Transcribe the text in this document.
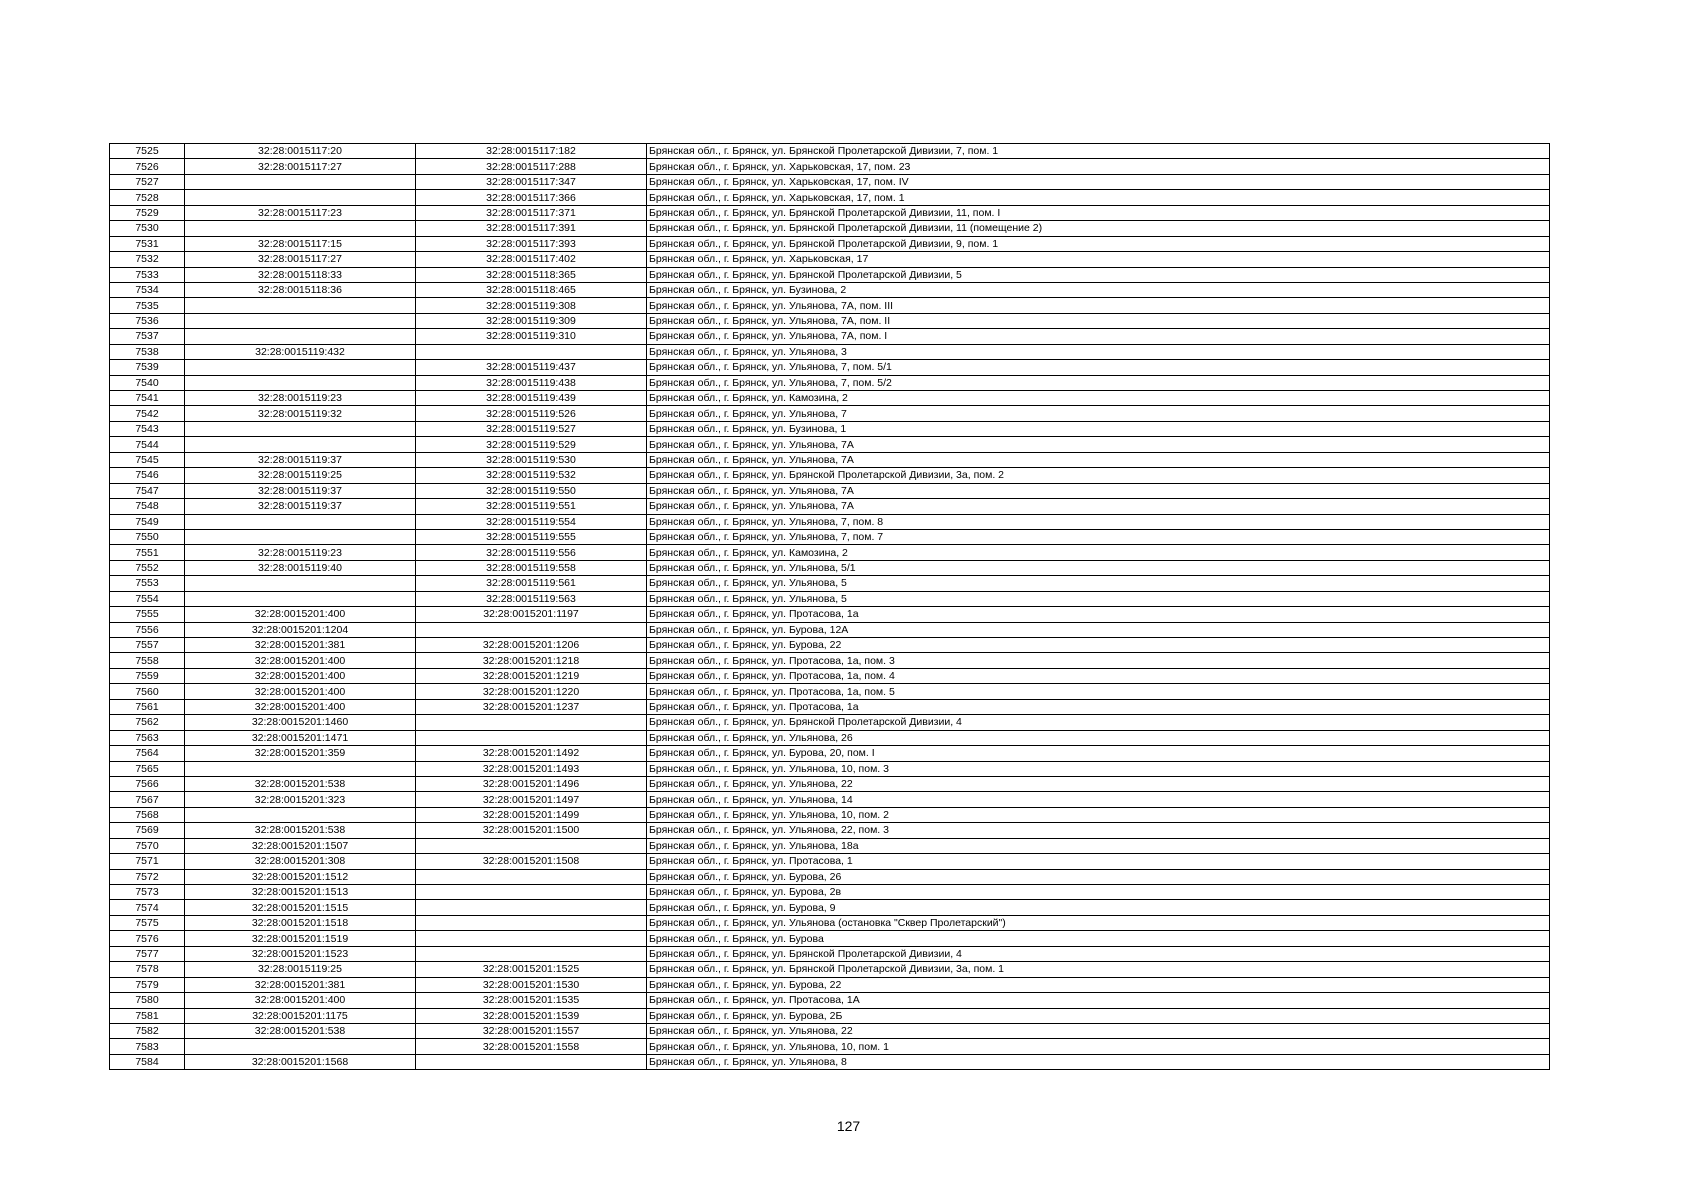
7525	32:28:0015117:20	32:28:0015117:182	Брянская обл., г. Брянск, ул. Брянской Пролетарской Дивизии, 7, пом. 1
7526	32:28:0015117:27	32:28:0015117:288	Брянская обл., г. Брянск, ул. Харьковская, 17, пом. 23
7527		32:28:0015117:347	Брянская обл., г. Брянск, ул. Харьковская, 17, пом. IV
7528		32:28:0015117:366	Брянская обл., г. Брянск, ул. Харьковская, 17, пом. 1
7529	32:28:0015117:23	32:28:0015117:371	Брянская обл., г. Брянск, ул. Брянской Пролетарской Дивизии, 11, пом. I
7530		32:28:0015117:391	Брянская обл., г. Брянск, ул. Брянской Пролетарской Дивизии, 11 (помещение 2)
7531	32:28:0015117:15	32:28:0015117:393	Брянская обл., г. Брянск, ул. Брянской Пролетарской Дивизии, 9, пом. 1
7532	32:28:0015117:27	32:28:0015117:402	Брянская обл., г. Брянск, ул. Харьковская, 17
7533	32:28:0015118:33	32:28:0015118:365	Брянская обл., г. Брянск, ул. Брянской Пролетарской Дивизии, 5
7534	32:28:0015118:36	32:28:0015118:465	Брянская обл., г. Брянск, ул. Бузинова, 2
7535		32:28:0015119:308	Брянская обл., г. Брянск, ул. Ульянова, 7А, пом. III
7536		32:28:0015119:309	Брянская обл., г. Брянск, ул. Ульянова, 7А, пом. II
7537		32:28:0015119:310	Брянская обл., г. Брянск, ул. Ульянова, 7А, пом. I
7538	32:28:0015119:432		Брянская обл., г. Брянск, ул. Ульянова, 3
7539		32:28:0015119:437	Брянская обл., г. Брянск, ул. Ульянова, 7, пом. 5/1
7540		32:28:0015119:438	Брянская обл., г. Брянск, ул. Ульянова, 7, пом. 5/2
7541	32:28:0015119:23	32:28:0015119:439	Брянская обл., г. Брянск, ул. Камозина, 2
7542	32:28:0015119:32	32:28:0015119:526	Брянская обл., г. Брянск, ул. Ульянова, 7
7543		32:28:0015119:527	Брянская обл., г. Брянск, ул. Бузинова, 1
7544		32:28:0015119:529	Брянская обл., г. Брянск, ул. Ульянова, 7А
7545	32:28:0015119:37	32:28:0015119:530	Брянская обл., г. Брянск, ул. Ульянова, 7А
7546	32:28:0015119:25	32:28:0015119:532	Брянская обл., г. Брянск, ул. Брянской Пролетарской Дивизии, 3а, пом. 2
7547	32:28:0015119:37	32:28:0015119:550	Брянская обл., г. Брянск, ул. Ульянова, 7А
7548	32:28:0015119:37	32:28:0015119:551	Брянская обл., г. Брянск, ул. Ульянова, 7А
7549		32:28:0015119:554	Брянская обл., г. Брянск, ул. Ульянова, 7, пом. 8
7550		32:28:0015119:555	Брянская обл., г. Брянск, ул. Ульянова, 7, пом. 7
7551	32:28:0015119:23	32:28:0015119:556	Брянская обл., г. Брянск, ул. Камозина, 2
7552	32:28:0015119:40	32:28:0015119:558	Брянская обл., г. Брянск, ул. Ульянова, 5/1
7553		32:28:0015119:561	Брянская обл., г. Брянск, ул. Ульянова, 5
7554		32:28:0015119:563	Брянская обл., г. Брянск, ул. Ульянова, 5
7555	32:28:0015201:400	32:28:0015201:1197	Брянская обл., г. Брянск, ул. Протасова, 1а
7556	32:28:0015201:1204		Брянская обл., г. Брянск, ул. Бурова, 12А
7557	32:28:0015201:381	32:28:0015201:1206	Брянская обл., г. Брянск, ул. Бурова, 22
7558	32:28:0015201:400	32:28:0015201:1218	Брянская обл., г. Брянск, ул. Протасова, 1а, пом. 3
7559	32:28:0015201:400	32:28:0015201:1219	Брянская обл., г. Брянск, ул. Протасова, 1а, пом. 4
7560	32:28:0015201:400	32:28:0015201:1220	Брянская обл., г. Брянск, ул. Протасова, 1а, пом. 5
7561	32:28:0015201:400	32:28:0015201:1237	Брянская обл., г. Брянск, ул. Протасова, 1а
7562	32:28:0015201:1460		Брянская обл., г. Брянск, ул. Брянской Пролетарской Дивизии, 4
7563	32:28:0015201:1471		Брянская обл., г. Брянск, ул. Ульянова, 26
7564	32:28:0015201:359	32:28:0015201:1492	Брянская обл., г. Брянск, ул. Бурова, 20, пом. I
7565		32:28:0015201:1493	Брянская обл., г. Брянск, ул. Ульянова, 10, пом. 3
7566	32:28:0015201:538	32:28:0015201:1496	Брянская обл., г. Брянск, ул. Ульянова, 22
7567	32:28:0015201:323	32:28:0015201:1497	Брянская обл., г. Брянск, ул. Ульянова, 14
7568		32:28:0015201:1499	Брянская обл., г. Брянск, ул. Ульянова, 10, пом. 2
7569	32:28:0015201:538	32:28:0015201:1500	Брянская обл., г. Брянск, ул. Ульянова, 22, пом. 3
7570	32:28:0015201:1507		Брянская обл., г. Брянск, ул. Ульянова, 18а
7571	32:28:0015201:308	32:28:0015201:1508	Брянская обл., г. Брянск, ул. Протасова, 1
7572	32:28:0015201:1512		Брянская обл., г. Брянск, ул. Бурова, 26
7573	32:28:0015201:1513		Брянская обл., г. Брянск, ул. Бурова, 2в
7574	32:28:0015201:1515		Брянская обл., г. Брянск, ул. Бурова, 9
7575	32:28:0015201:1518		Брянская обл., г. Брянск, ул. Ульянова (остановка "Сквер Пролетарский")
7576	32:28:0015201:1519		Брянская обл., г. Брянск, ул. Бурова
7577	32:28:0015201:1523		Брянская обл., г. Брянск, ул. Брянской Пролетарской Дивизии, 4
7578	32:28:0015119:25	32:28:0015201:1525	Брянская обл., г. Брянск, ул. Брянской Пролетарской Дивизии, 3а, пом. 1
7579	32:28:0015201:381	32:28:0015201:1530	Брянская обл., г. Брянск, ул. Бурова, 22
7580	32:28:0015201:400	32:28:0015201:1535	Брянская обл., г. Брянск, ул. Протасова, 1А
7581	32:28:0015201:1175	32:28:0015201:1539	Брянская обл., г. Брянск, ул. Бурова, 2Б
7582	32:28:0015201:538	32:28:0015201:1557	Брянская обл., г. Брянск, ул. Ульянова, 22
7583		32:28:0015201:1558	Брянская обл., г. Брянск, ул. Ульянова, 10, пом. 1
7584	32:28:0015201:1568		Брянская обл., г. Брянск, ул. Ульянова, 8
127
